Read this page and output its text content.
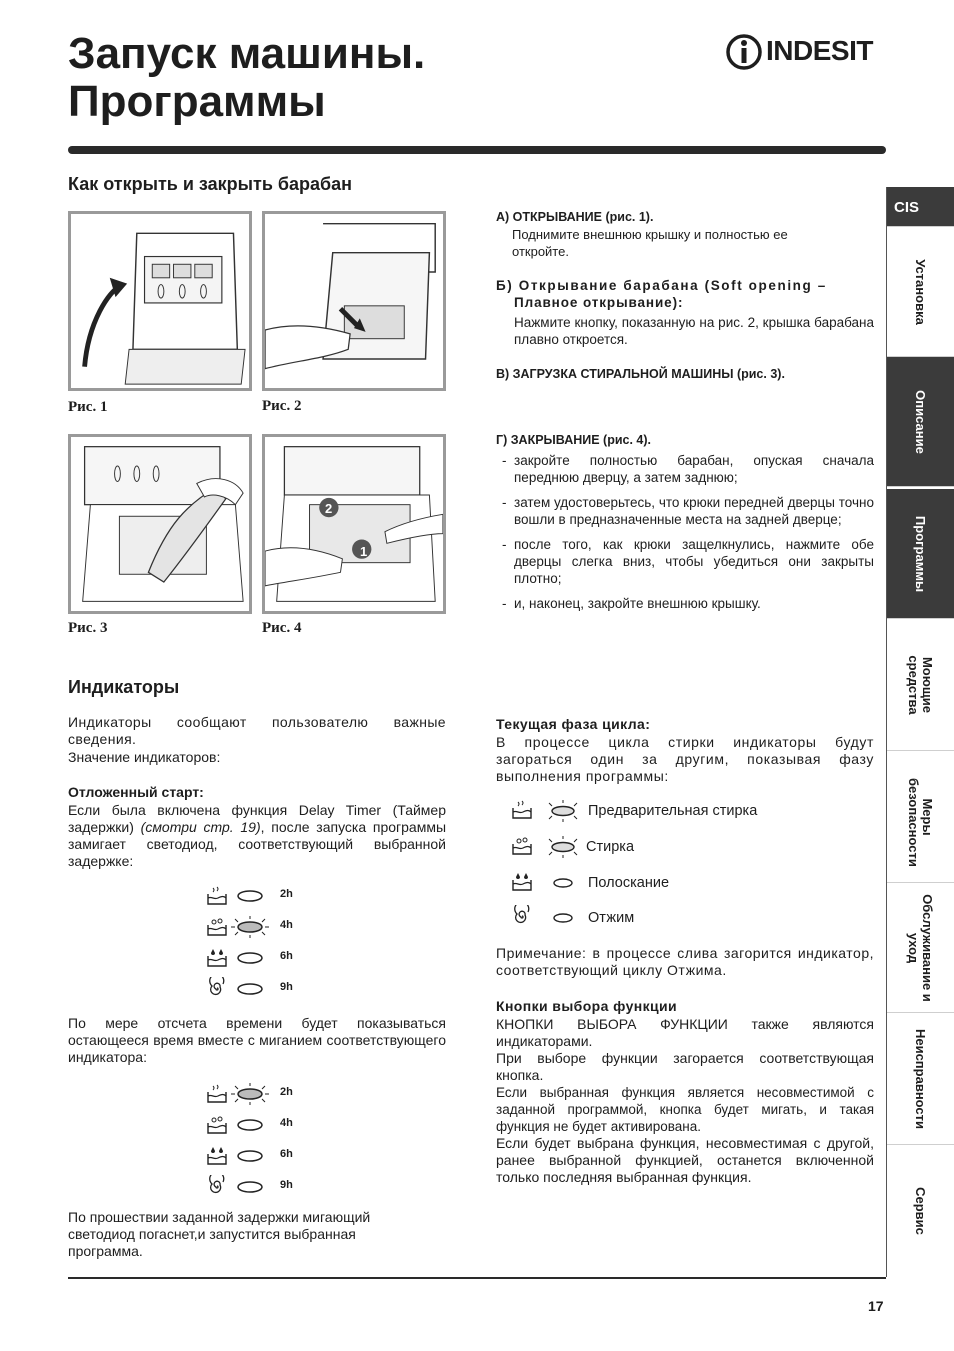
Запуск машины.
Программы
INDESIT
Как открыть и закрыть барабан
Рис. 1	Рис. 2
2
1
Рис. 3	Рис. 4
А) ОТКРЫВАНИЕ (рис. 1).
Поднимите внешнюю крышку и полностью ее откройте.
Б) Открывание барабана (Soft opening –
Плавное открывание):
Нажмите кнопку, показанную на рис. 2, крышка барабана плавно откроется.
В) ЗАГРУЗКА СТИРАЛЬНОЙ МАШИНЫ (рис. 3).
Г) ЗАКРЫВАНИЕ (рис. 4).
- закройте полностью барабан, опуская сначала переднюю дверцу, а затем заднюю;
- затем удостоверьтесь, что крюки передней дверцы точно вошли в предназначенные места на задней дверце;
- после того, как крюки защелкнулись, нажмите обе дверцы слегка вниз, чтобы убедиться они закрыты плотно;
- и, наконец, закройте внешнюю крышку.
Индикаторы
Индикаторы сообщают пользователю важные сведения.
Значение индикаторов:
Отложенный старт:
Если была включена функция Delay Timer (Таймер задержки) (смотри стр. 19), после запуска программы замигает светодиод, соответствующий выбранной задержке:
2h
4h
6h
9h
По мере отсчета времени будет показываться остающееся время вместе с миганием соответствующего индикатора:
2h
4h
6h
9h
По прошествии заданной задержки мигающий светодиод погаснет,и запустится выбранная программа.
Текущая фаза цикла:
В процессе цикла стирки индикаторы будут загораться один за другим, показывая фазу выполнения программы:
Предварительная стирка
Стирка
Полоскание
Отжим
Примечание: в процессе слива загорится индикатор, соответствующий циклу Отжима.
Кнопки выбора функции
КНОПКИ ВЫБОРА ФУНКЦИИ также являются индикаторами.
При выборе функции загорается соответствующая кнопка.
Если выбранная функция является несовместимой с заданной программой, кнопка будет мигать, и такая функция не будет активирована.
Если будет выбрана функция, несовместимая с другой, ранее выбранной функцией, останется включенной только последняя выбранная функция.
CIS
Установка
Описание
Программы
Моющие средства
Меры безопасности
Обслуживание и уход
Неисправности
Сервис
17
